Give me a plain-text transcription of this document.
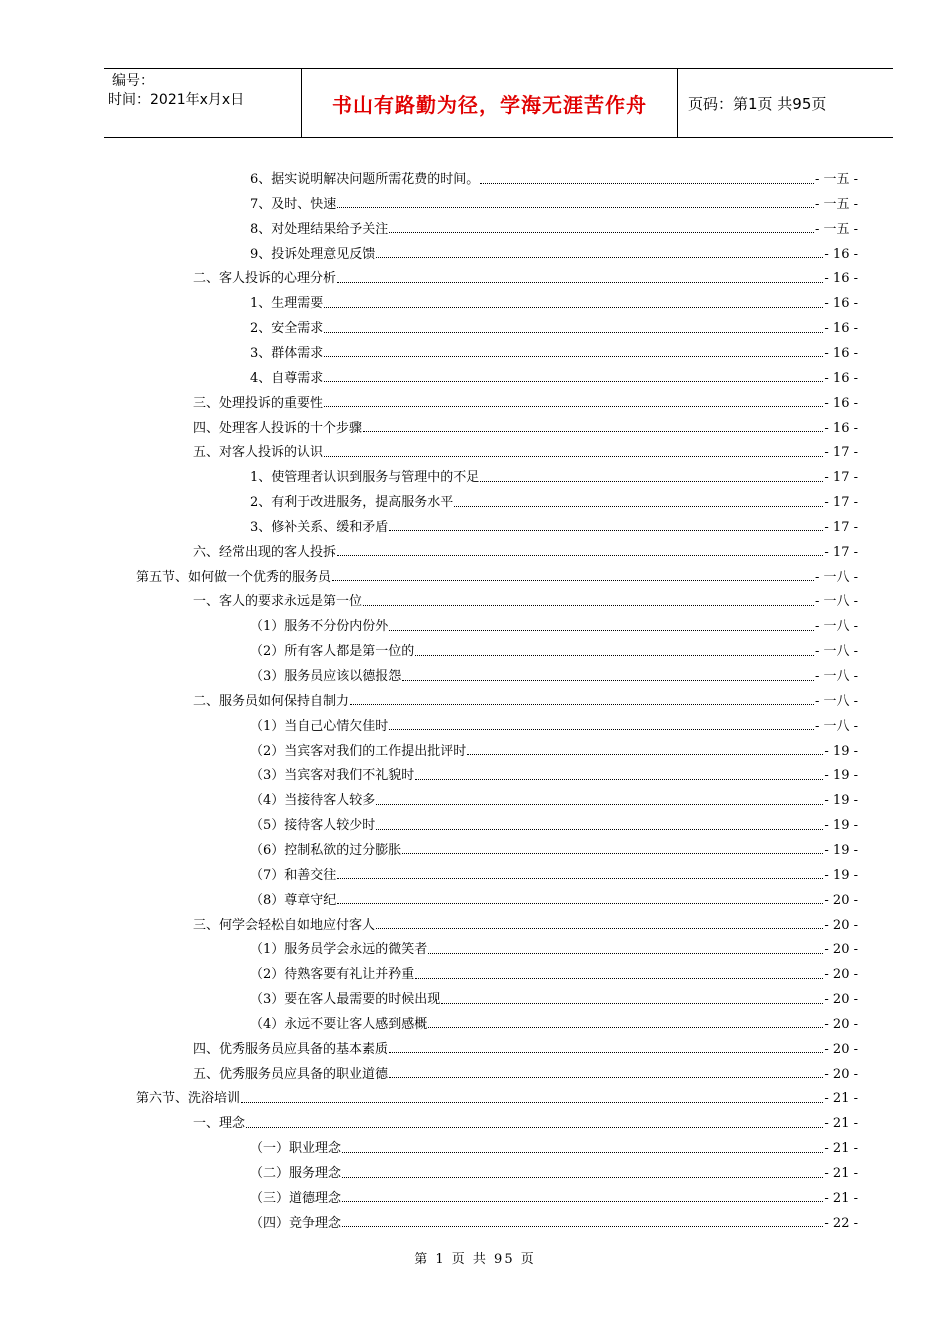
编号：
时间：2021年x月x日	书山有路勤为径，学海无涯苦作舟	页码：第1页 共95页
6、据实说明解决问题所需花费的时间。	- 一五 -
7、及时、快速	- 一五 -
8、对处理结果给予关注	- 一五 -
9、投诉处理意见反馈	- 16 -
二、客人投诉的心理分析	- 16 -
1、生理需要	- 16 -
2、安全需求	- 16 -
3、群体需求	- 16 -
4、自尊需求	- 16 -
三、处理投诉的重要性	- 16 -
四、处理客人投诉的十个步骤	- 16 -
五、对客人投诉的认识	- 17 -
1、使管理者认识到服务与管理中的不足	- 17 -
2、有利于改进服务，提高服务水平	- 17 -
3、修补关系、缓和矛盾	- 17 -
六、经常出现的客人投拆	- 17 -
第五节、如何做一个优秀的服务员	- 一八 -
一、客人的要求永远是第一位	- 一八 -
（1）服务不分份内份外	- 一八 -
（2）所有客人都是第一位的	- 一八 -
（3）服务员应该以德报怨	- 一八 -
二、服务员如何保持自制力	- 一八 -
（1）当自己心情欠佳时	- 一八 -
（2）当宾客对我们的工作提出批评时	- 19 -
（3）当宾客对我们不礼貌时	- 19 -
（4）当接待客人较多	- 19 -
（5）接待客人较少时	- 19 -
（6）控制私欲的过分膨胀	- 19 -
（7）和善交往	- 19 -
（8）尊章守纪	- 20 -
三、何学会轻松自如地应付客人	- 20 -
（1）服务员学会永远的微笑者	- 20 -
（2）待熟客要有礼让并矜重	- 20 -
（3）要在客人最需要的时候出现	- 20 -
（4）永远不要让客人感到感概	- 20 -
四、优秀服务员应具备的基本素质	- 20 -
五、优秀服务员应具备的职业道德	- 20 -
第六节、洗浴培训	- 21 -
一、理念	- 21 -
（一）职业理念	- 21 -
（二）服务理念	- 21 -
（三）道德理念	- 21 -
（四）竞争理念	- 22 -
第 1 页 共 95 页
